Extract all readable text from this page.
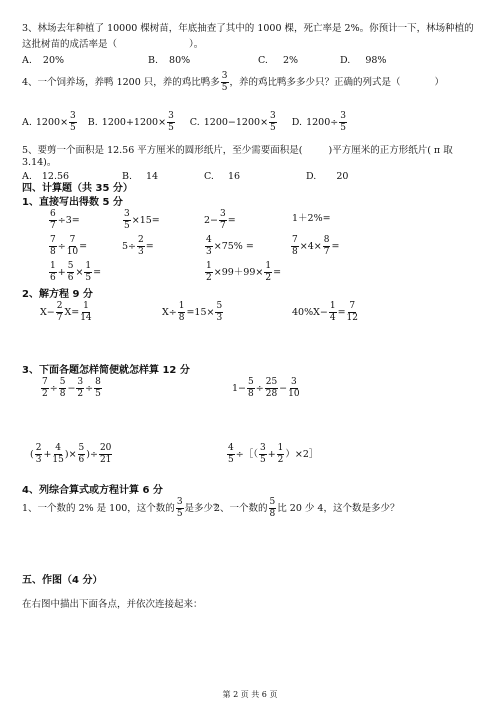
3、林场去年种植了 10000 棵树苗，年底抽查了其中的 1000 棵，死亡率是 2%。你预计一下，林场种植的
这批树苗的成活率是（	）。
A. 20%	B. 80%	C. 2%	D. 98%
4、一个饲养场，养鸭 1200 只，养的鸡比鸭多 $\frac{3}{5}$ ，养的鸡比鸭多多少只？正确的列式是（	）
A. $1200\times \frac{3}{5} B$. $1200+1200\times \frac{3}{5} C$. $1200-1200\times \frac{3}{5} D$. $1200\div \frac{3}{5}$
5、要剪一个面积是 12.56 平方厘米的圆形纸片，至少需要面积是(	)平方厘米的正方形纸片( π 取
3.14)。
A. 12.56	B. 14	C. 16	D. 20
四、计算题（共 35 分）
1、直接写出得数 5 分
$\frac{6}{7} \div 3=$	$\frac{3}{5} \times 15=$	$2- \frac{3}{7}$ =	1＋2%=
$\frac{7}{8} \div \frac{7}{10}$ =	$5\div \frac{2}{3}$ =	$\frac{4}{3} \times 75\%$ =	$\frac{7}{8} \times 4\times \frac{8}{7}$ =
$\frac{1}{6} + \frac{5}{6} \times \frac{1}{5}$ =	$\frac{1}{2} \times 99+99\times \frac{1}{2}$ =
2、解方程 9 分
$X- \frac{2}{7} X= \frac{1}{14}$	$X\div \frac{1}{8} =15\times \frac{5}{3}$	$40\%X- \frac{1}{4} = \frac{7}{12}$
3、下面各题怎样简便就怎样算 12 分
$\frac{7}{2} \div \frac{5}{8} - \frac{3}{2} \div \frac{8}{5}$	$1- \frac{5}{8} \div \frac{25}{28} - \frac{3}{10}$
( $\frac{2}{3} + \frac{4}{15}$ )× $\frac{5}{6}$ )÷ $\frac{20}{21}$	$\frac{4}{5}$ ÷［（ $\frac{3}{5} + \frac{1}{2}$ ）×2］
4、列综合算式或方程计算 6 分
1、一个数的 2% 是 100，这个数的 $\frac{3}{5}$ 是多少？
2、一个数的 $\frac{5}{8}$ 比 20 少 4，这个数是多少？
五、作图（4 分）
在右图中描出下面各点，并依次连接起来：
第 2 页 共 6 页
